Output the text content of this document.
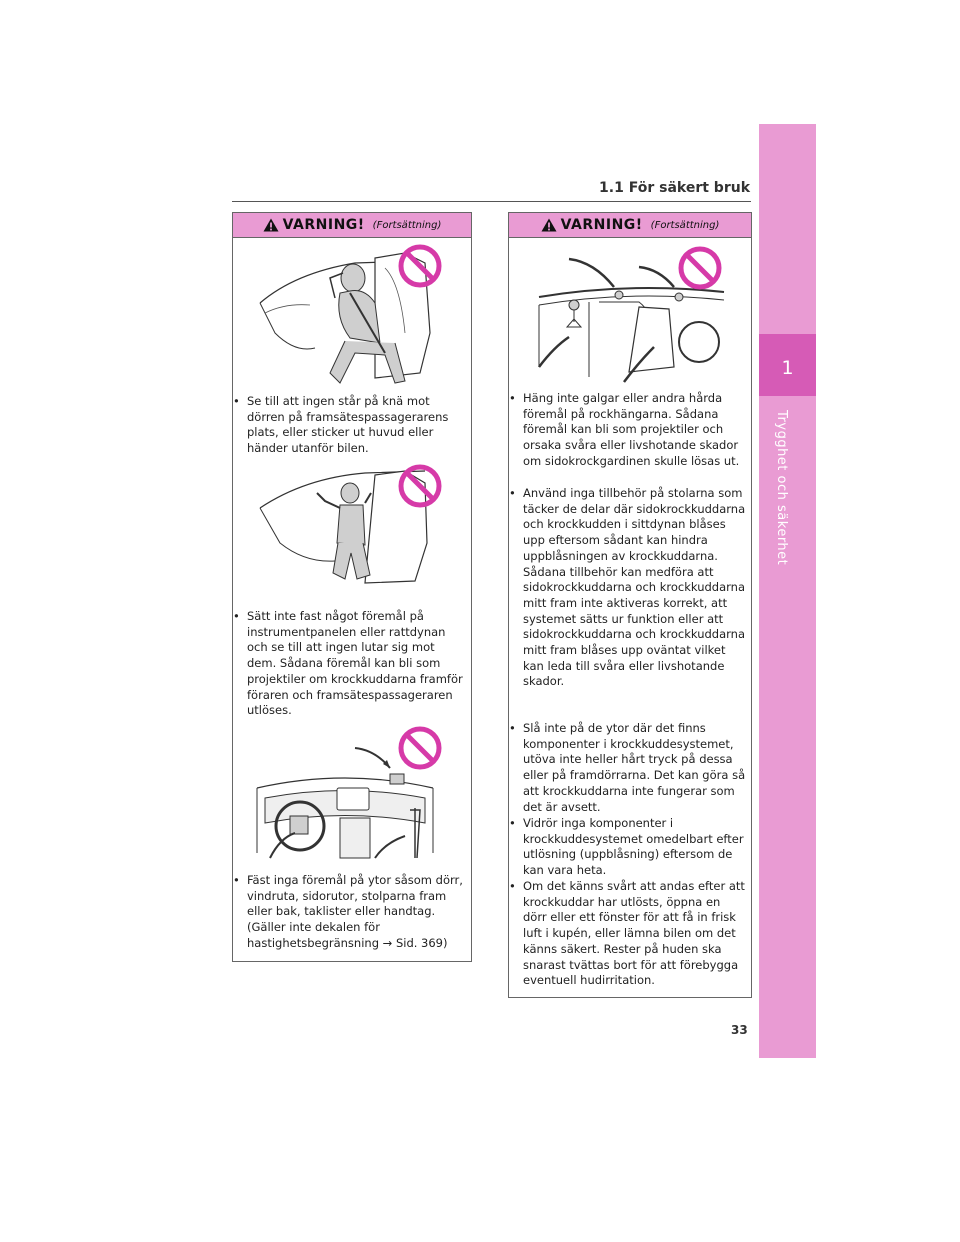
1
Trygghet och säkerhet
1.1 För säkert bruk
VARNING! (Fortsättning)
• Se till att ingen står på knä mot dörren på framsätespassagerarens plats, eller sticker ut huvud eller händer utanför bilen.
• Sätt inte fast något föremål på instrumentpanelen eller rattdynan och se till att ingen lutar sig mot dem. Sådana föremål kan bli som projektiler om krockkuddarna framför föraren och framsätespassageraren utlöses.
• Fäst inga föremål på ytor såsom dörr, vindruta, sidorutor, stolparna fram eller bak, taklister eller handtag. (Gäller inte dekalen för hastighetsbegränsning → Sid. 369)
VARNING! (Fortsättning)
• Häng inte galgar eller andra hårda föremål på rockhängarna. Sådana föremål kan bli som projektiler och orsaka svåra eller livshotande skador om sidokrockgardinen skulle lösas ut.
• Använd inga tillbehör på stolarna som täcker de delar där sidokrockkuddarna och krockkudden i sittdynan blåses upp eftersom sådant kan hindra uppblåsningen av krockkuddarna. Sådana tillbehör kan medföra att sidokrockkuddarna och krockkuddarna mitt fram inte aktiveras korrekt, att systemet sätts ur funktion eller att sidokrockkuddarna och krockkuddarna mitt fram blåses upp oväntat vilket kan leda till svåra eller livshotande skador.
• Slå inte på de ytor där det finns komponenter i krockkuddesystemet, utöva inte heller hårt tryck på dessa eller på framdörrarna. Det kan göra så att krockkuddarna inte fungerar som det är avsett.
• Vidrör inga komponenter i krockkuddesystemet omedelbart efter utlösning (uppblåsning) eftersom de kan vara heta.
• Om det känns svårt att andas efter att krockkuddar har utlösts, öppna en dörr eller ett fönster för att få in frisk luft i kupén, eller lämna bilen om det känns säkert. Rester på huden ska snarast tvättas bort för att förebygga eventuell hudirritation.
33
